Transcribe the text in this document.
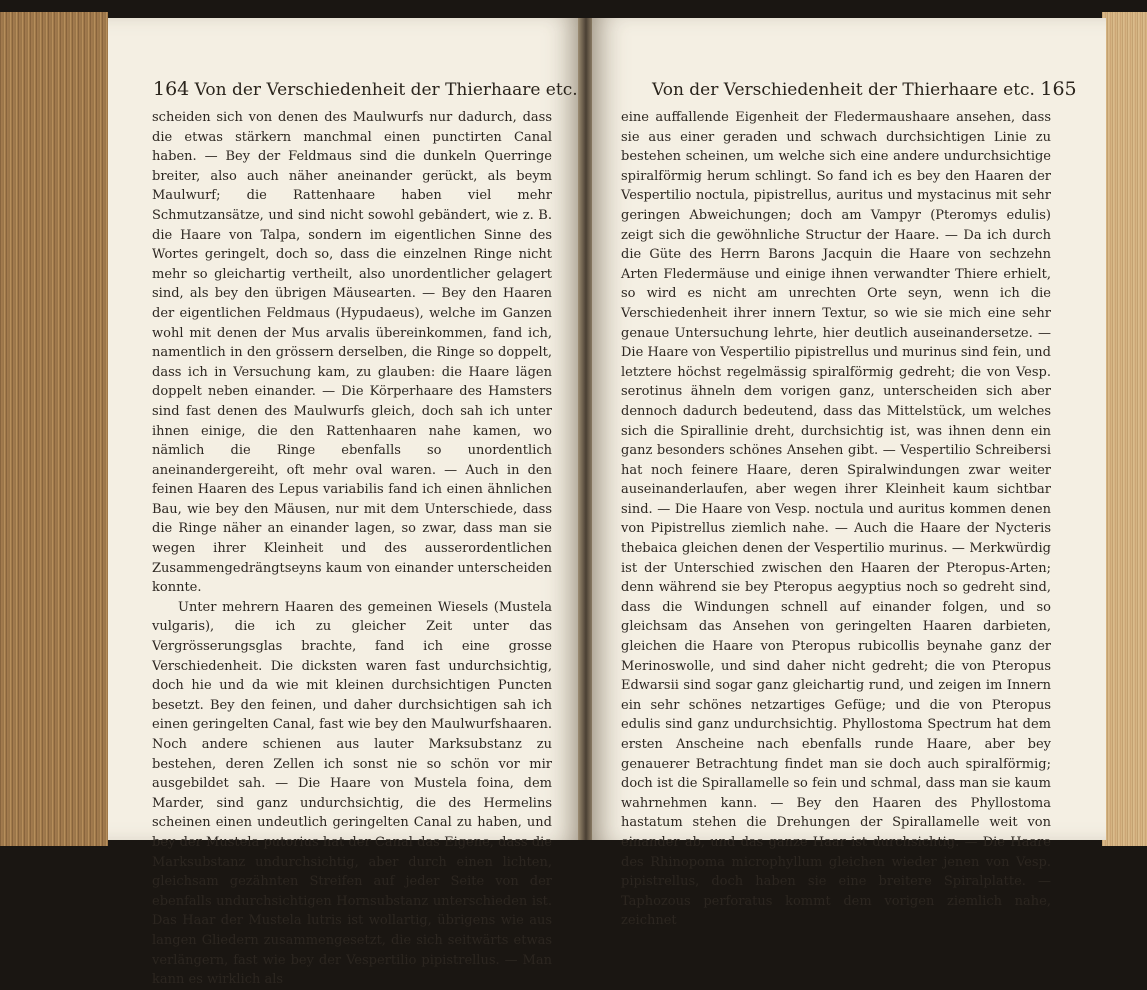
164 Von der Verschiedenheit der Thierhaare etc.

scheiden sich von denen des Maulwurfs nur dadurch, dass die etwas stärkern manchmal einen punctirten Canal haben. — Bey der Feldmaus sind die dunkeln Querringe breiter, also auch näher aneinander gerückt, als beym Maulwurf; die Rattenhaare haben viel mehr Schmutzansätze, und sind nicht sowohl gebändert, wie z. B. die Haare von Talpa, sondern im eigentlichen Sinne des Wortes geringelt, doch so, dass die einzelnen Ringe nicht mehr so gleichartig vertheilt, also unordentlicher gelagert sind, als bey den übrigen Mäusearten. — Bey den Haaren der eigentlichen Feldmaus (Hypudaeus), welche im Ganzen wohl mit denen der Mus arvalis übereinkommen, fand ich, namentlich in den grössern derselben, die Ringe so doppelt, dass ich in Versuchung kam, zu glauben: die Haare lägen doppelt neben einander. — Die Körperhaare des Hamsters sind fast denen des Maulwurfs gleich, doch sah ich unter ihnen einige, die den Rattenhaaren nahe kamen, wo nämlich die Ringe ebenfalls so unordentlich aneinandergereiht, oft mehr oval waren. — Auch in den feinen Haaren des Lepus variabilis fand ich einen ähnlichen Bau, wie bey den Mäusen, nur mit dem Unterschiede, dass die Ringe näher an einander lagen, so zwar, dass man sie wegen ihrer Kleinheit und des ausserordentlichen Zusammengedrängtseyns kaum von einander unterscheiden konnte.

Unter mehrern Haaren des gemeinen Wiesels (Mustela vulgaris), die ich zu gleicher Zeit unter das Vergrösserungsglas brachte, fand ich eine grosse Verschiedenheit. Die dicksten waren fast undurchsichtig, doch hie und da wie mit kleinen durchsichtigen Puncten besetzt. Bey den feinen, und daher durchsichtigen sah ich einen geringelten Canal, fast wie bey den Maulwurfshaaren. Noch andere schienen aus lauter Marksubstanz zu bestehen, deren Zellen ich sonst nie so schön vor mir ausgebildet sah. — Die Haare von Mustela foina, dem Marder, sind ganz undurchsichtig, die des Hermelins scheinen einen undeutlich geringelten Canal zu haben, und bey der Mustela putorius hat der Canal das Eigene, dass die Marksubstanz undurchsichtig, aber durch einen lichten, gleichsam gezähnten Streifen auf jeder Seite von der ebenfalls undurchsichtigen Hornsubstanz unterschieden ist. Das Haar der Mustela lutris ist wollartig, übrigens wie aus langen Gliedern zusammengesetzt, die sich seitwärts etwas verlängern, fast wie bey der Vespertilio pipistrellus. — Man kann es wirklich als

Von der Verschiedenheit der Thierhaare etc. 165

eine auffallende Eigenheit der Fledermaushaare ansehen, dass sie aus einer geraden und schwach durchsichtigen Linie zu bestehen scheinen, um welche sich eine andere undurchsichtige spiralförmig herum schlingt. So fand ich es bey den Haaren der Vespertilio noctula, pipistrellus, auritus und mystacinus mit sehr geringen Abweichungen; doch am Vampyr (Pteromys edulis) zeigt sich die gewöhnliche Structur der Haare. — Da ich durch die Güte des Herrn Barons Jacquin die Haare von sechzehn Arten Fledermäuse und einige ihnen verwandter Thiere erhielt, so wird es nicht am unrechten Orte seyn, wenn ich die Verschiedenheit ihrer innern Textur, so wie sie mich eine sehr genaue Untersuchung lehrte, hier deutlich auseinandersetze. — Die Haare von Vespertilio pipistrellus und murinus sind fein, und letztere höchst regelmässig spiralförmig gedreht; die von Vesp. serotinus ähneln dem vorigen ganz, unterscheiden sich aber dennoch dadurch bedeutend, dass das Mittelstück, um welches sich die Spirallinie dreht, durchsichtig ist, was ihnen denn ein ganz besonders schönes Ansehen gibt. — Vespertilio Schreibersi hat noch feinere Haare, deren Spiralwindungen zwar weiter auseinanderlaufen, aber wegen ihrer Kleinheit kaum sichtbar sind. — Die Haare von Vesp. noctula und auritus kommen denen von Pipistrellus ziemlich nahe. — Auch die Haare der Nycteris thebaica gleichen denen der Vespertilio murinus. — Merkwürdig ist der Unterschied zwischen den Haaren der Pteropus-Arten; denn während sie bey Pteropus aegyptius noch so gedreht sind, dass die Windungen schnell auf einander folgen, und so gleichsam das Ansehen von geringelten Haaren darbieten, gleichen die Haare von Pteropus rubicollis beynahe ganz der Merinoswolle, und sind daher nicht gedreht; die von Pteropus Edwarsii sind sogar ganz gleichartig rund, und zeigen im Innern ein sehr schönes netzartiges Gefüge; und die von Pteropus edulis sind ganz undurchsichtig. Phyllostoma Spectrum hat dem ersten Anscheine nach ebenfalls runde Haare, aber bey genauerer Betrachtung findet man sie doch auch spiralförmig; doch ist die Spirallamelle so fein und schmal, dass man sie kaum wahrnehmen kann. — Bey den Haaren des Phyllostoma hastatum stehen die Drehungen der Spirallamelle weit von einander ab, und das ganze Haar ist durchsichtig. — Die Haare des Rhinopoma microphyllum gleichen wieder jenen von Vesp. pipistrellus, doch haben sie eine breitere Spiralplatte. — Taphozous perforatus kommt dem vorigen ziemlich nahe, zeichnet
